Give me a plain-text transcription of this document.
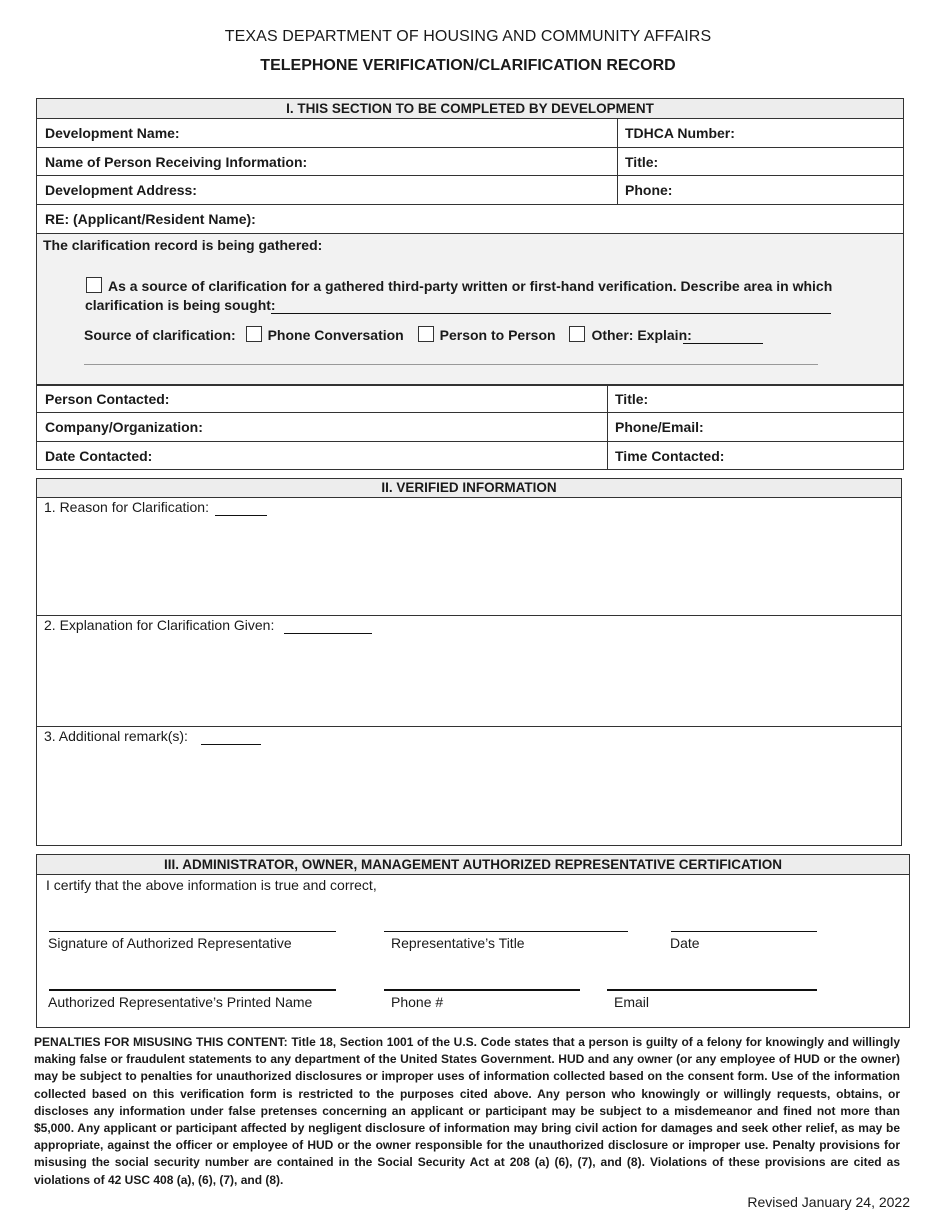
TEXAS DEPARTMENT OF HOUSING AND COMMUNITY AFFAIRS
TELEPHONE VERIFICATION/CLARIFICATION RECORD
I. THIS SECTION TO BE COMPLETED BY DEVELOPMENT
Development Name:	TDHCA Number:
Name of Person Receiving Information:	Title:
Development Address:	Phone:
RE: (Applicant/Resident Name):
The clarification record is being gathered:
As a source of clarification for a gathered third-party written or first-hand verification. Describe area in which
clarification is being sought:
Source of clarification: Phone Conversation	Person to Person	Other: Explain:
Person Contacted:	Title:
Company/Organization:	Phone/Email:
Date Contacted:	Time Contacted:
II. VERIFIED INFORMATION
1. Reason for Clarification:
2. Explanation for Clarification Given:
3. Additional remark(s):
III. ADMINISTRATOR, OWNER, MANAGEMENT AUTHORIZED REPRESENTATIVE CERTIFICATION
I certify that the above information is true and correct,
Signature of Authorized Representative	Representative’s Title	Date
Authorized Representative’s Printed Name	Phone #	Email
PENALTIES FOR MISUSING THIS CONTENT: Title 18, Section 1001 of the U.S. Code states that a person is guilty of a felony for knowingly and willingly making false or fraudulent statements to any department of the United States Government. HUD and any owner (or any employee of HUD or the owner) may be subject to penalties for unauthorized disclosures or improper uses of information collected based on the consent form. Use of the information collected based on this verification form is restricted to the purposes cited above. Any person who knowingly or willingly requests, obtains, or discloses any information under false pretenses concerning an applicant or participant may be subject to a misdemeanor and fined not more than $5,000. Any applicant or participant affected by negligent disclosure of information may bring civil action for damages and seek other relief, as may be appropriate, against the officer or employee of HUD or the owner responsible for the unauthorized disclosure or improper use. Penalty provisions for misusing the social security number are contained in the Social Security Act at 208 (a) (6), (7), and (8). Violations of these provisions are cited as violations of 42 USC 408 (a), (6), (7), and (8).
Revised January 24, 2022
